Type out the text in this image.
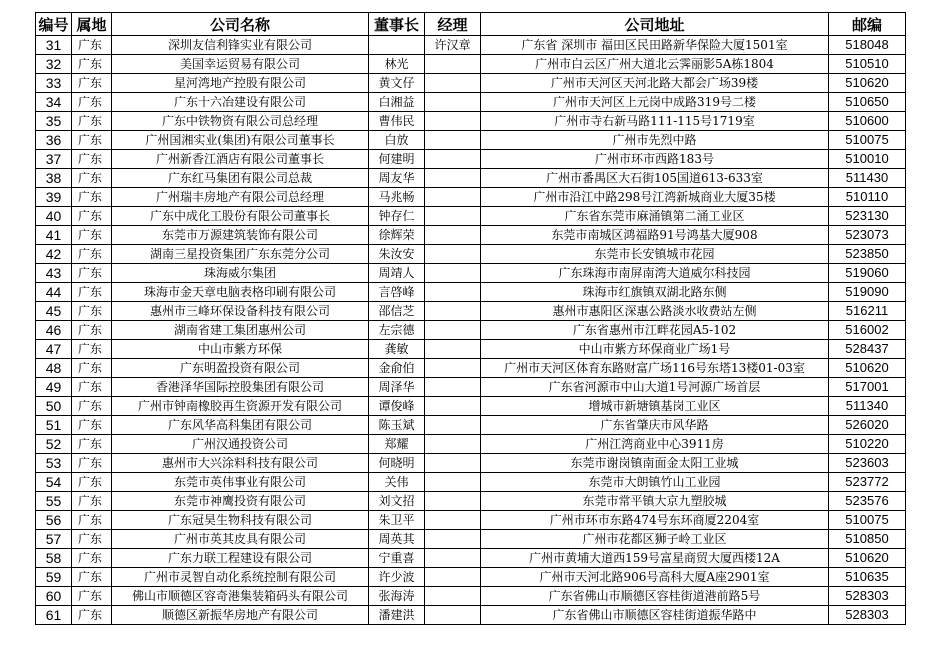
编号	属地	公司名称	董事长	经理	公司地址	邮编
31	广东	深圳友信利锋实业有限公司		许汉章	广东省 深圳市 福田区民田路新华保险大厦1501室	518048
32	广东	美国幸运贸易有限公司	林光		广州市白云区广州大道北云霁丽影5A栋1804	510510
33	广东	星河湾地产控股有限公司	黄文仔		广州市天河区天河北路大都会广场39楼	510620
34	广东	广东十六冶建设有限公司	白湘益		广州市天河区上元岗中成路319号二楼	510650
35	广东	广东中铁物资有限公司总经理	曹伟民		广州市寺右新马路111-115号1719室	510600
36	广东	广州国湘实业(集团)有限公司董事长	白放		广州市先烈中路	510075
37	广东	广州新香江酒店有限公司董事长	何建明		广州市环市西路183号	510010
38	广东	广东红马集团有限公司总裁	周友华		广州市番禺区大石街105国道613-633室	511430
39	广东	广州瑞丰房地产有限公司总经理	马兆畅		广州市沿江中路298号江湾新城商业大厦35楼	510110
40	广东	广东中成化工股份有限公司董事长	钟存仁		广东省东莞市麻涌镇第二涌工业区	523130
41	广东	东莞市万源建筑装饰有限公司	徐辉荣		东莞市南城区鸿福路91号鸿基大厦908	523073
42	广东	湖南三星投资集团广东东莞分公司	朱汝安		东莞市长安镇城市花园	523850
43	广东	珠海威尔集团	周靖人		广东珠海市南屏南湾大道威尔科技园	519060
44	广东	珠海市金天章电脑表格印刷有限公司	言啓峰		珠海市红旗镇双湖北路东侧	519090
45	广东	惠州市三峰环保设备科技有限公司	邵信芝		惠州市惠阳区深惠公路淡水收费站左侧	516211
46	广东	湖南省建工集团惠州公司	左宗德		广东省惠州市江畔花园A5-102	516002
47	广东	中山市紫方环保	龚敏		中山市紫方环保商业广场1号	528437
48	广东	广东明盈投资有限公司	金俞伯		广州市天河区体育东路财富广场116号东塔13楼01-03室	510620
49	广东	香港泽华国际控股集团有限公司	周泽华		广东省河源市中山大道1号河源广场首层	517001
50	广东	广州市钟南橡胶再生资源开发有限公司	谭俊峰		增城市新塘镇基岗工业区	511340
51	广东	广东风华高科集团有限公司	陈玉斌		广东省肇庆市风华路	526020
52	广东	广州汉通投资公司	郑耀		广州江湾商业中心3911房	510220
53	广东	惠州市大兴涂料科技有限公司	何晓明		东莞市谢岗镇南面金太阳工业城	523603
54	广东	东莞市英伟事业有限公司	关伟		东莞市大朗镇竹山工业园	523772
55	广东	东莞市神鹰投资有限公司	刘文招		东莞市常平镇大京九塑胶城	523576
56	广东	广东冠昊生物科技有限公司	朱卫平		广州市环市东路474号东环商厦2204室	510075
57	广东	广州市英其皮具有限公司	周英其		广州市花都区狮子岭工业区	510850
58	广东	广东力联工程建设有限公司	宁重喜		广州市黄埔大道西159号富星商贸大厦西楼12A	510620
59	广东	广州市灵智自动化系统控制有限公司	许少波		广州市天河北路906号高科大厦A座2901室	510635
60	广东	佛山市顺德区容奇港集装箱码头有限公司	张海涛		广东省佛山市顺德区容桂街道港前路5号	528303
61	广东	顺德区新振华房地产有限公司	潘建洪		广东省佛山市顺德区容桂街道振华路中	528303
